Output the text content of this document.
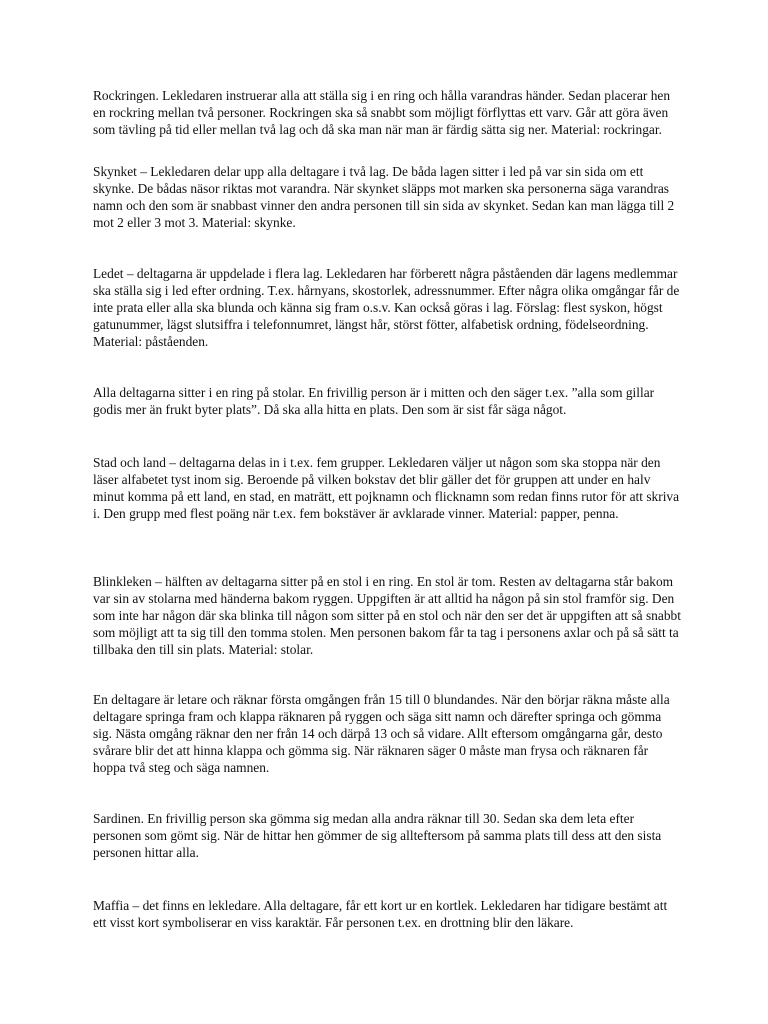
Rockringen. Lekledaren instruerar alla att ställa sig i en ring och hålla varandras händer. Sedan placerar hen en rockring mellan två personer. Rockringen ska så snabbt som möjligt förflyttas ett varv. Går att göra även som tävling på tid eller mellan två lag och då ska man när man är färdig sätta sig ner. Material: rockringar.

Skynket – Lekledaren delar upp alla deltagare i två lag. De båda lagen sitter i led på var sin sida om ett skynke. De bådas näsor riktas mot varandra. När skynket släpps mot marken ska personerna säga varandras namn och den som är snabbast vinner den andra personen till sin sida av skynket. Sedan kan man lägga till 2 mot 2 eller 3 mot 3. Material: skynke.

Ledet – deltagarna är uppdelade i flera lag. Lekledaren har förberett några påståenden där lagens medlemmar ska ställa sig i led efter ordning. T.ex. hårnyans, skostorlek, adressnummer. Efter några olika omgångar får de inte prata eller alla ska blunda och känna sig fram o.s.v. Kan också göras i lag. Förslag: flest syskon, högst gatunummer, lägst slutsiffra i telefonnumret, längst hår, störst fötter, alfabetisk ordning, födelseordning. Material: påståenden.

Alla deltagarna sitter i en ring på stolar. En frivillig person är i mitten och den säger t.ex. ”alla som gillar godis mer än frukt byter plats”. Då ska alla hitta en plats. Den som är sist får säga något.

Stad och land – deltagarna delas in i t.ex. fem grupper. Lekledaren väljer ut någon som ska stoppa när den läser alfabetet tyst inom sig. Beroende på vilken bokstav det blir gäller det för gruppen att under en halv minut komma på ett land, en stad, en maträtt, ett pojknamn och flicknamn som redan finns rutor för att skriva i. Den grupp med flest poäng när t.ex. fem bokstäver är avklarade vinner. Material: papper, penna.

Blinkleken – hälften av deltagarna sitter på en stol i en ring. En stol är tom. Resten av deltagarna står bakom var sin av stolarna med händerna bakom ryggen. Uppgiften är att alltid ha någon på sin stol framför sig. Den som inte har någon där ska blinka till någon som sitter på en stol och när den ser det är uppgiften att så snabbt som möjligt att ta sig till den tomma stolen. Men personen bakom får ta tag i personens axlar och på så sätt ta tillbaka den till sin plats. Material: stolar.

En deltagare är letare och räknar första omgången från 15 till 0 blundandes. När den börjar räkna måste alla deltagare springa fram och klappa räknaren på ryggen och säga sitt namn och därefter springa och gömma sig. Nästa omgång räknar den ner från 14 och därpå 13 och så vidare. Allt eftersom omgångarna går, desto svårare blir det att hinna klappa och gömma sig. När räknaren säger 0 måste man frysa och räknaren får hoppa två steg och säga namnen.

Sardinen. En frivillig person ska gömma sig medan alla andra räknar till 30. Sedan ska dem leta efter personen som gömt sig. När de hittar hen gömmer de sig allteftersom på samma plats till dess att den sista personen hittar alla.

Maffia – det finns en lekledare. Alla deltagare, får ett kort ur en kortlek. Lekledaren har tidigare bestämt att ett visst kort symboliserar en viss karaktär. Får personen t.ex. en drottning blir den läkare.
